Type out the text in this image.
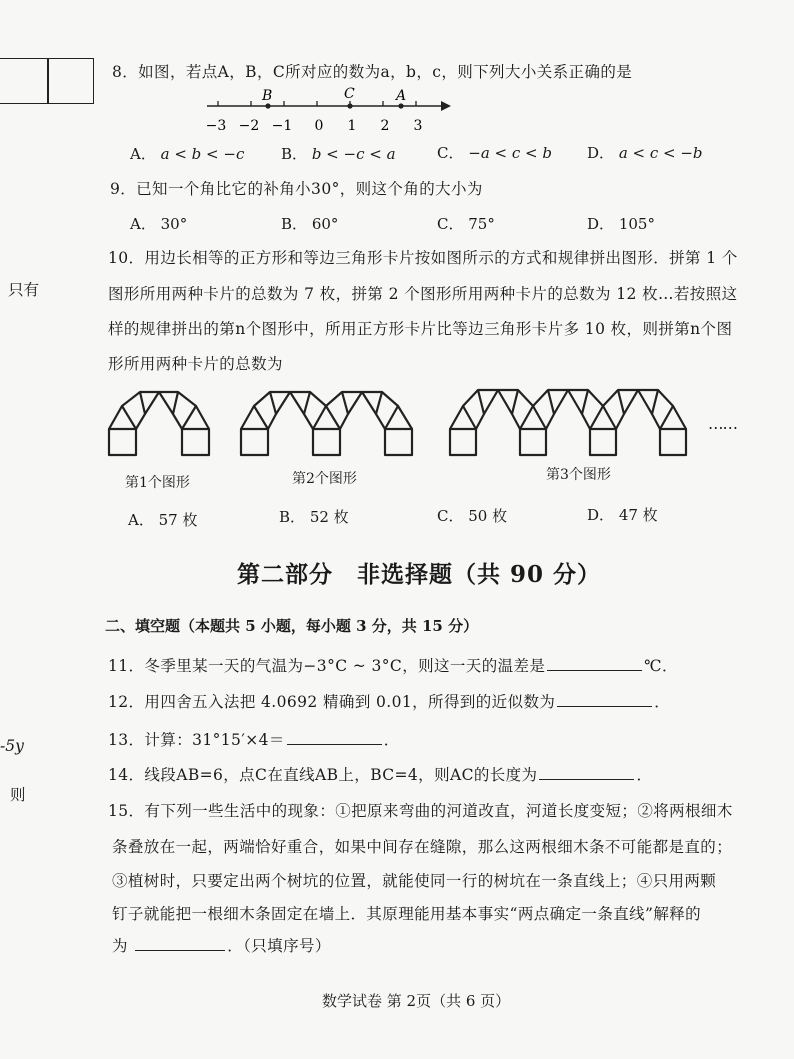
只有
-5y
则
8．如图，若点A，B，C所对应的数为a，b，c，则下列大小关系正确的是
B	C	A
−3 −2 −1 0 1 2 3
A． a < b < −c B． b < −c < a	C． −a < c < b D． a < c < −b
9．已知一个角比它的补角小30°，则这个角的大小为
A． 30°	B． 60°	C． 75°	D． 105°
10．用边长相等的正方形和等边三角形卡片按如图所示的方式和规律拼出图形．拼第 1 个
图形所用两种卡片的总数为 7 枚，拼第 2 个图形所用两种卡片的总数为 12 枚…若按照这
样的规律拼出的第n个图形中，所用正方形卡片比等边三角形卡片多 10 枚，则拼第n个图
形所用两种卡片的总数为
……
第1个图形	第2个图形	第3个图形
A． 57 枚	B． 52 枚	C． 50 枚	D． 47 枚
第二部分　非选择题（共 90 分）
二、填空题（本题共 5 小题，每小题 3 分，共 15 分）
11．冬季里某一天的气温为−3°C ~ 3°C，则这一天的温差是	℃．
12．用四舍五入法把 4.0692 精确到 0.01，所得到的近似数为	．
13．计算：31°15′×4＝	．
14．线段AB=6，点C在直线AB上，BC=4，则AC的长度为	．
15．有下列一些生活中的现象：①把原来弯曲的河道改直，河道长度变短；②将两根细木
条叠放在一起，两端恰好重合，如果中间存在缝隙，那么这两根细木条不可能都是直的；
③植树时，只要定出两个树坑的位置，就能使同一行的树坑在一条直线上；④只用两颗
钉子就能把一根细木条固定在墙上．其原理能用基本事实“两点确定一条直线”解释的
为	．（只填序号）
数学试卷 第 2页（共 6 页）
